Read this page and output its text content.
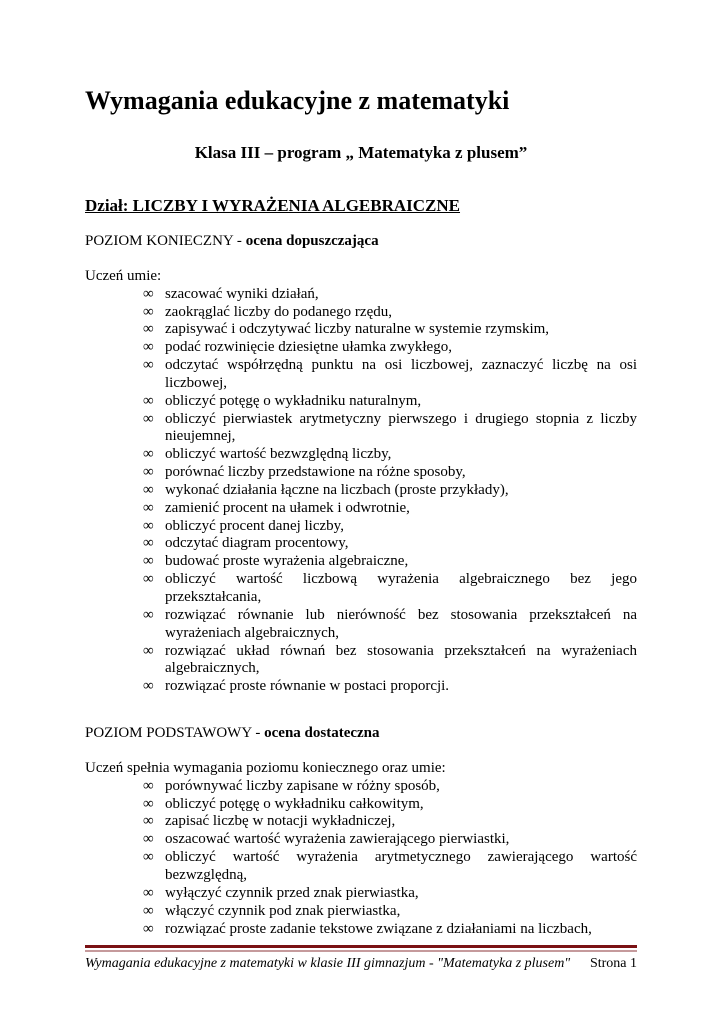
Wymagania edukacyjne z matematyki
Klasa III – program „ Matematyka z plusem”
Dział: LICZBY I WYRAŻENIA ALGEBRAICZNE

POZIOM KONIECZNY - ocena dopuszczająca

Uczeń umie:

∞ szacować wyniki działań,
∞ zaokrąglać liczby do podanego rzędu,
∞ zapisywać i odczytywać liczby naturalne w systemie rzymskim,
∞ podać rozwinięcie dziesiętne ułamka zwykłego,
∞ odczytać współrzędną punktu na osi liczbowej, zaznaczyć liczbę na osi liczbowej,
∞ obliczyć potęgę o wykładniku naturalnym,
∞ obliczyć pierwiastek arytmetyczny pierwszego i drugiego stopnia z liczby nieujemnej,
∞ obliczyć wartość bezwzględną liczby,
∞ porównać liczby przedstawione na różne sposoby,
∞ wykonać działania łączne na liczbach (proste przykłady),
∞ zamienić procent na ułamek i odwrotnie,
∞ obliczyć procent danej liczby,
∞ odczytać diagram procentowy,
∞ budować proste wyrażenia algebraiczne,
∞ obliczyć wartość liczbową wyrażenia algebraicznego bez jego przekształcania,
∞ rozwiązać równanie lub nierówność bez stosowania przekształceń na wyrażeniach algebraicznych,
∞ rozwiązać układ równań bez stosowania przekształceń na wyrażeniach algebraicznych,
∞ rozwiązać proste równanie w postaci proporcji.

POZIOM PODSTAWOWY - ocena dostateczna

Uczeń spełnia wymagania poziomu koniecznego oraz umie:

∞ porównywać liczby zapisane w różny sposób,
∞ obliczyć potęgę o wykładniku całkowitym,
∞ zapisać liczbę w notacji wykładniczej,
∞ oszacować wartość wyrażenia zawierającego pierwiastki,
∞ obliczyć wartość wyrażenia arytmetycznego zawierającego wartość bezwzględną,
∞ wyłączyć czynnik przed znak pierwiastka,
∞ włączyć czynnik pod znak pierwiastka,
∞ rozwiązać proste zadanie tekstowe związane z działaniami na liczbach,
Wymagania edukacyjne z matematyki w klasie III gimnazjum - "Matematyka z plusem" Strona 1
